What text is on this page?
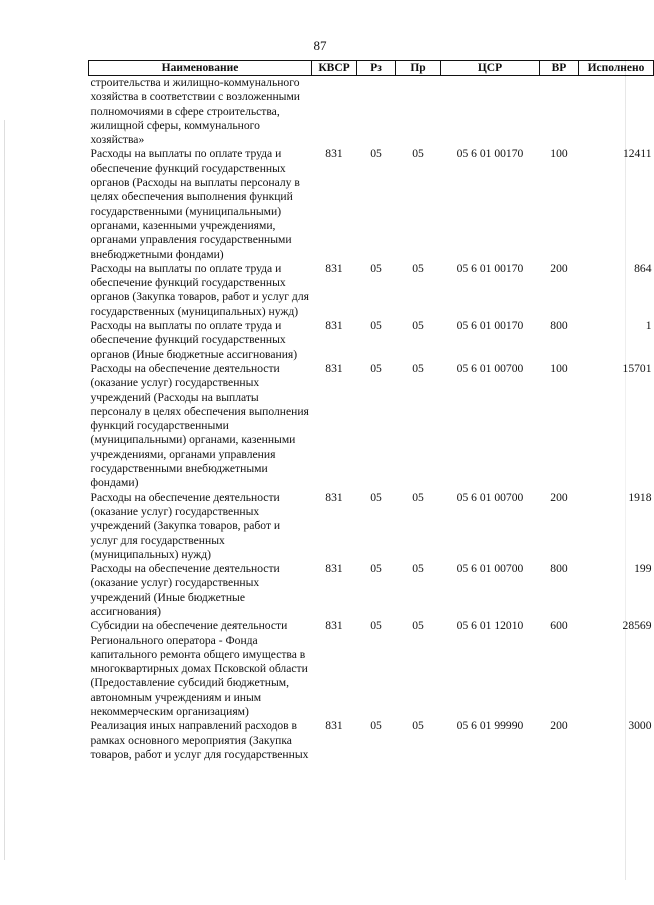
87
Наименование	КВСР	Рз	Пр	ЦСР	ВР	Исполнено
строительства и жилищно-коммунального хозяйства в соответствии с возложенными полномочиями в сфере строительства, жилищной сферы, коммунального хозяйства»						
Расходы на выплаты по оплате труда и обеспечение функций государственных органов (Расходы на выплаты персоналу в целях обеспечения выполнения функций государственными (муниципальными) органами, казенными учреждениями, органами управления государственными внебюджетными фондами)	831	05	05	05 6 01 00170	100	12411
Расходы на выплаты по оплате труда и обеспечение функций государственных органов (Закупка товаров, работ и услуг для государственных (муниципальных) нужд)	831	05	05	05 6 01 00170	200	864
Расходы на выплаты по оплате труда и обеспечение функций государственных органов (Иные бюджетные ассигнования)	831	05	05	05 6 01 00170	800	1
Расходы на обеспечение деятельности (оказание услуг) государственных учреждений (Расходы на выплаты персоналу в целях обеспечения выполнения функций государственными (муниципальными) органами, казенными учреждениями, органами управления государственными внебюджетными фондами)	831	05	05	05 6 01 00700	100	15701
Расходы на обеспечение деятельности (оказание услуг) государственных учреждений (Закупка товаров, работ и услуг для государственных (муниципальных) нужд)	831	05	05	05 6 01 00700	200	1918
Расходы на обеспечение деятельности (оказание услуг) государственных учреждений (Иные бюджетные ассигнования)	831	05	05	05 6 01 00700	800	199
Субсидии на обеспечение деятельности Регионального оператора - Фонда капитального ремонта общего имущества в многоквартирных домах Псковской области (Предоставление субсидий бюджетным, автономным учреждениям и иным некоммерческим организациям)	831	05	05	05 6 01 12010	600	28569
Реализация иных направлений расходов в рамках основного мероприятия (Закупка товаров, работ и услуг для государственных	831	05	05	05 6 01 99990	200	3000
